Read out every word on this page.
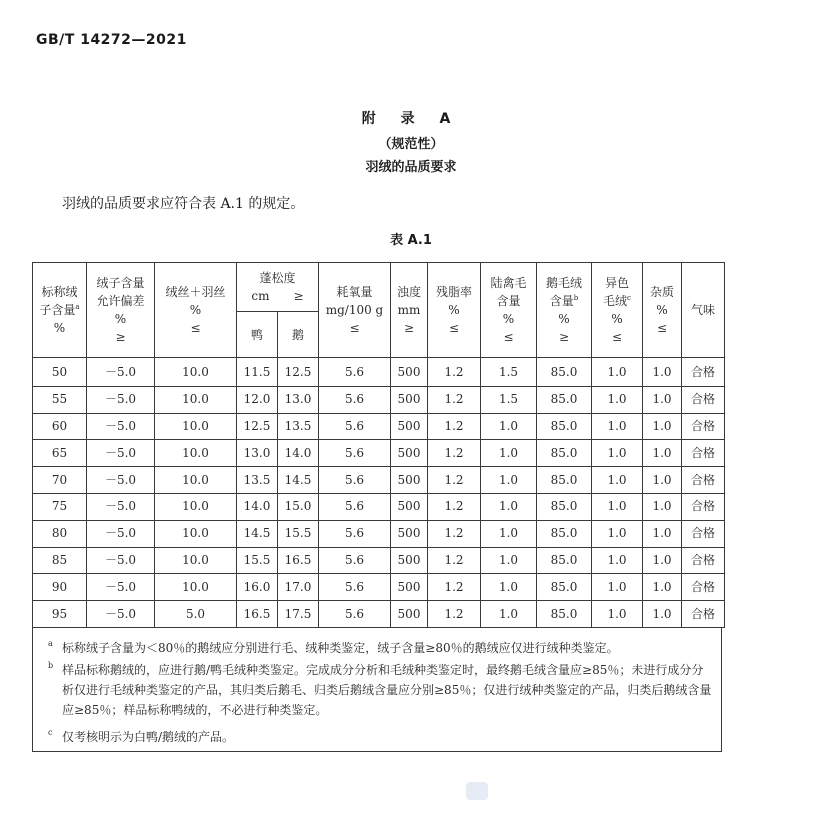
GB/T 14272—2021
附 录 A
（规范性）
羽绒的品质要求
羽绒的品质要求应符合表 A.1 的规定。
表 A.1
标称绒
子含量$^a$
%	绒子含量
允许偏差
%
≥	绒丝＋羽丝
%
≤	蓬松度
cm　　≥		耗氧量
mg/100 g
≤	浊度
mm
≥	残脂率
%
≤	陆禽毛
含量
%
≤	鹅毛绒
含量$^b$
%
≥	异色
毛绒$^c$
%
≤	杂质
%
≤	气味

			鸭	鹅								
50	－5.0	10.0	11.5	12.5	5.6	500	1.2	1.5	85.0	1.0	1.0	合格
55	－5.0	10.0	12.0	13.0	5.6	500	1.2	1.5	85.0	1.0	1.0	合格
60	－5.0	10.0	12.5	13.5	5.6	500	1.2	1.0	85.0	1.0	1.0	合格
65	－5.0	10.0	13.0	14.0	5.6	500	1.2	1.0	85.0	1.0	1.0	合格
70	－5.0	10.0	13.5	14.5	5.6	500	1.2	1.0	85.0	1.0	1.0	合格
75	－5.0	10.0	14.0	15.0	5.6	500	1.2	1.0	85.0	1.0	1.0	合格
80	－5.0	10.0	14.5	15.5	5.6	500	1.2	1.0	85.0	1.0	1.0	合格
85	－5.0	10.0	15.5	16.5	5.6	500	1.2	1.0	85.0	1.0	1.0	合格
90	－5.0	10.0	16.0	17.0	5.6	500	1.2	1.0	85.0	1.0	1.0	合格
95	－5.0	5.0	16.5	17.5	5.6	500	1.2	1.0	85.0	1.0	1.0	合格
a 标称绒子含量为＜80％的鹅绒应分别进行毛、绒种类鉴定，绒子含量≥80％的鹅绒应仅进行绒种类鉴定。
b 样品标称鹅绒的，应进行鹅/鸭毛绒种类鉴定。完成成分分析和毛绒种类鉴定时，最终鹅毛绒含量应≥85％；未进行成分分析仅进行毛绒种类鉴定的产品，其归类后鹅毛、归类后鹅绒含量应分别≥85％；仅进行绒种类鉴定的产品，归类后鹅绒含量应≥85％；样品标称鸭绒的，不必进行种类鉴定。
c 仅考核明示为白鸭/鹅绒的产品。
